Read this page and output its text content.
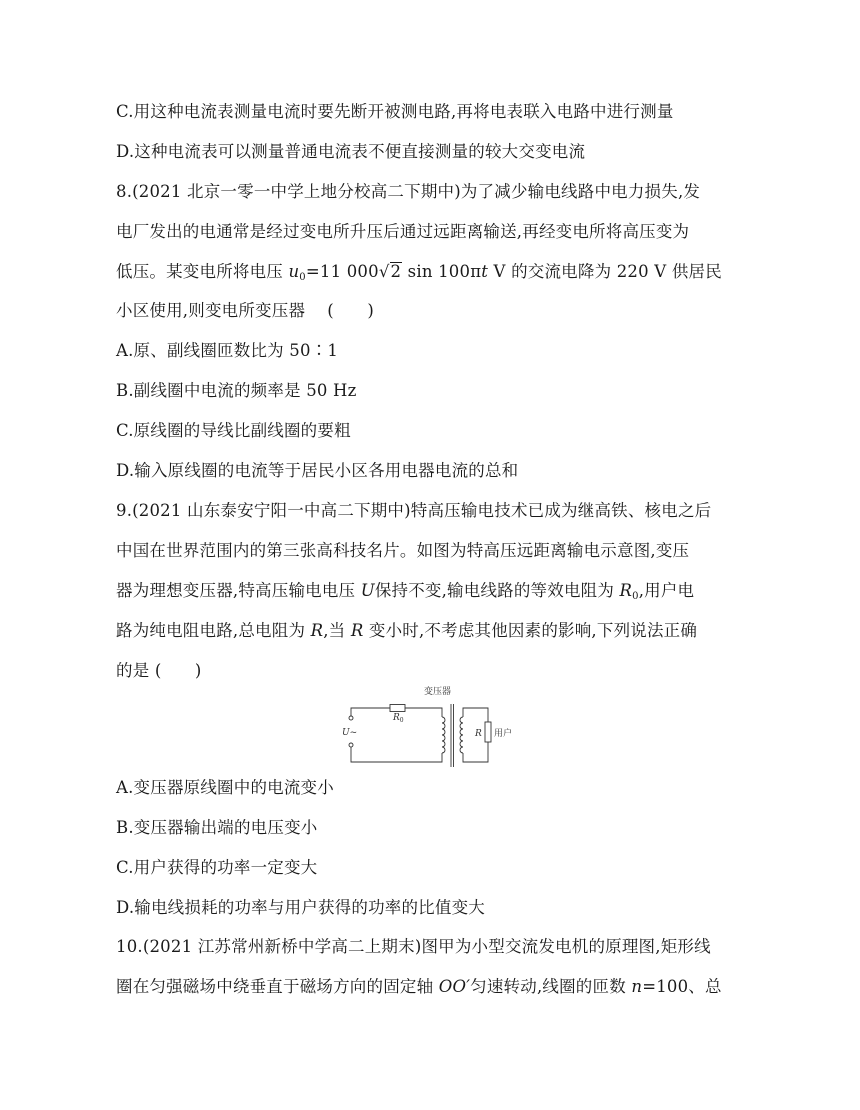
C.用这种电流表测量电流时要先断开被测电路,再将电表联入电路中进行测量
D.这种电流表可以测量普通电流表不便直接测量的较大交变电流
8.(2021 北京一零一中学上地分校高二下期中)为了减少输电线路中电力损失,发
电厂发出的电通常是经过变电所升压后通过远距离输送,再经变电所将高压变为
低压。某变电所将电压 $u_0=11$ 000√2 sin 100πt V 的交流电降为 220 V 供居民
小区使用,则变电所变压器　 (　　)
A.原、副线圈匝数比为 50∶1
B.副线圈中电流的频率是 50 Hz
C.原线圈的导线比副线圈的要粗
D.输入原线圈的电流等于居民小区各用电器电流的总和
9.(2021 山东泰安宁阳一中高二下期中)特高压输电技术已成为继高铁、核电之后
中国在世界范围内的第三张高科技名片。如图为特高压远距离输电示意图,变压
器为理想变压器,特高压输电电压 U保持不变,输电线路的等效电阻为 $R_0$,用户电
路为纯电阻电路,总电阻为 R,当 R 变小时,不考虑其他因素的影响,下列说法正确
的是 (　　)
变压器
$R_0$
U~	R 用户
A.变压器原线圈中的电流变小
B.变压器输出端的电压变小
C.用户获得的功率一定变大
D.输电线损耗的功率与用户获得的功率的比值变大
10.(2021 江苏常州新桥中学高二上期末)图甲为小型交流发电机的原理图,矩形线
圈在匀强磁场中绕垂直于磁场方向的固定轴 OO′匀速转动,线圈的匝数 n=100、总
